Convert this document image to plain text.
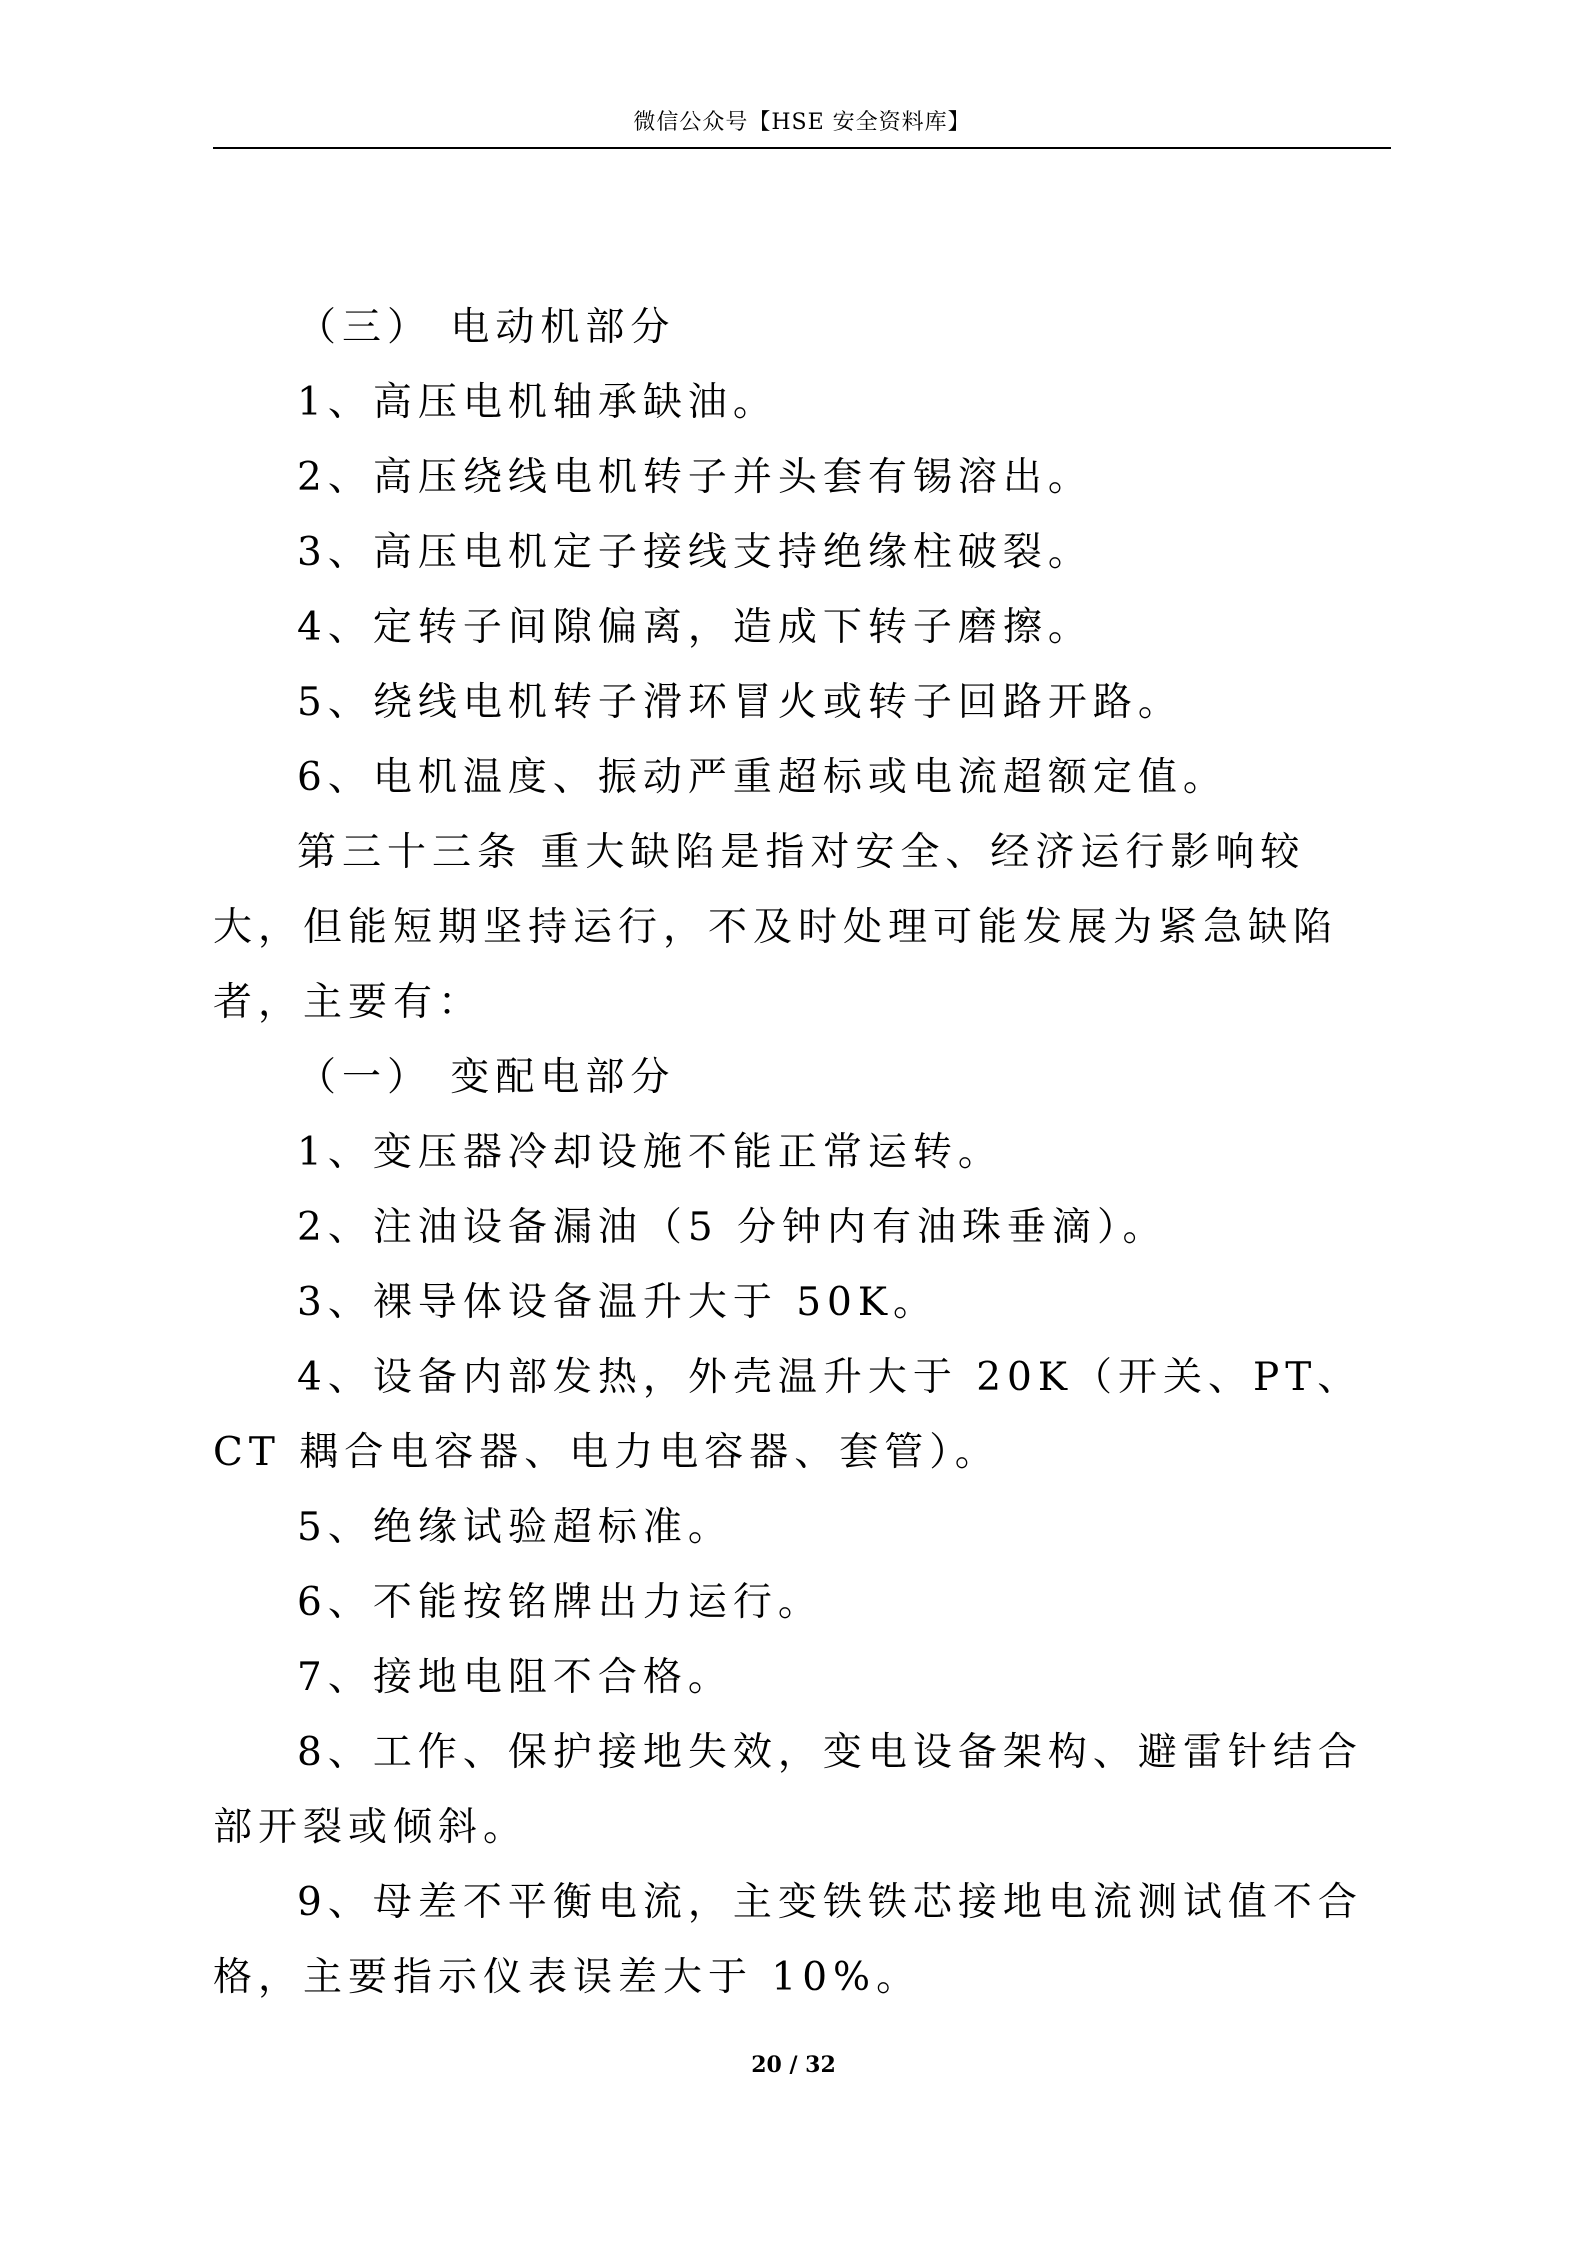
微信公众号【HSE 安全资料库】

（三） 电动机部分

1、高压电机轴承缺油。

2、高压绕线电机转子并头套有锡溶出。

3、高压电机定子接线支持绝缘柱破裂。

4、定转子间隙偏离，造成下转子磨擦。

5、绕线电机转子滑环冒火或转子回路开路。

6、电机温度、振动严重超标或电流超额定值。

第三十三条 重大缺陷是指对安全、经济运行影响较大，但能短期坚持运行，不及时处理可能发展为紧急缺陷者，主要有：

（一） 变配电部分

1、变压器冷却设施不能正常运转。

2、注油设备漏油（5 分钟内有油珠垂滴）。

3、裸导体设备温升大于 50K。

4、设备内部发热，外壳温升大于 20K（开关、PT、CT 耦合电容器、电力电容器、套管）。

5、绝缘试验超标准。

6、不能按铭牌出力运行。

7、接地电阻不合格。

8、工作、保护接地失效，变电设备架构、避雷针结合部开裂或倾斜。

9、母差不平衡电流，主变铁铁芯接地电流测试值不合格，主要指示仪表误差大于 10%。

20 / 32
